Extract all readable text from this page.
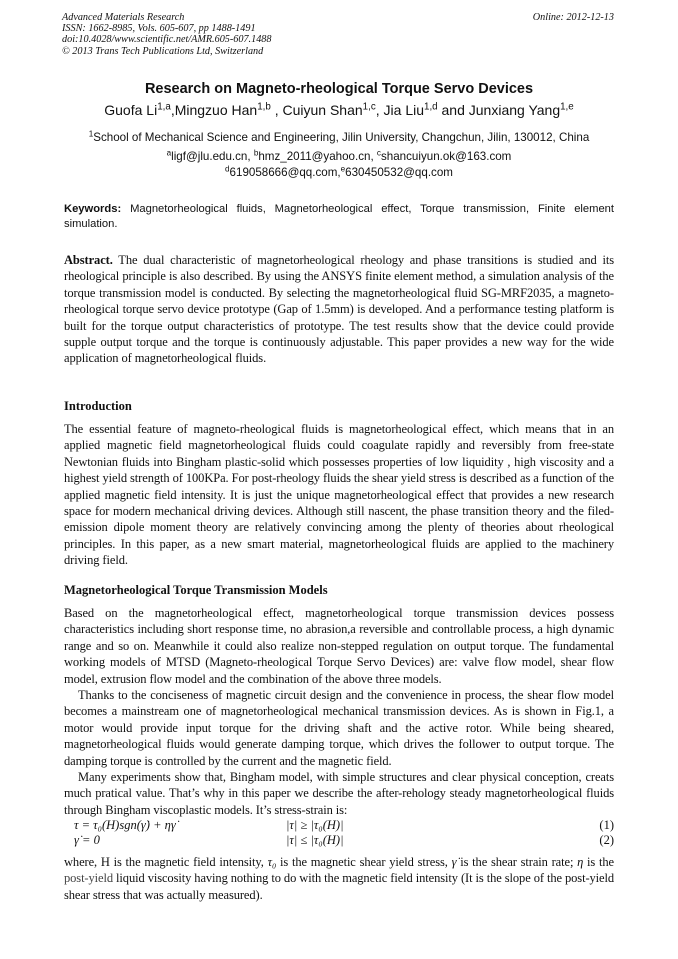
Advanced Materials Research
ISSN: 1662-8985, Vols. 605-607, pp 1488-1491
doi:10.4028/www.scientific.net/AMR.605-607.1488
© 2013 Trans Tech Publications Ltd, Switzerland
Online: 2012-12-13
Research on Magneto-rheological Torque Servo Devices
Guofa Li$^{1,a}$,Mingzuo Han$^{1,b}$ , Cuiyun Shan$^{1,c}$, Jia Liu$^{1,d}$ and Junxiang Yang$^{1,e}$
$^1$School of Mechanical Science and Engineering, Jilin University, Changchun, Jilin, 130012, China
$^a$ligf@jlu.edu.cn, $^b$hmz_2011@yahoo.cn, $^c$shancuiyun.ok@163.com
$^d$619058666@qq.com,$^e$630450532@qq.com
Keywords: Magnetorheological fluids, Magnetorheological effect, Torque transmission, Finite element simulation.
Abstract. The dual characteristic of magnetorheological rheology and phase transitions is studied and its rheological principle is also described. By using the ANSYS finite element method, a simulation analysis of the torque transmission model is conducted. By selecting the magnetorheological fluid SG-MRF2035, a magneto-rheological torque servo device prototype (Gap of 1.5mm) is developed. And a performance testing platform is built for the torque output characteristics of prototype. The test results show that the device could provide supple output torque and the torque is continuously adjustable. This paper provides a new way for the wide application of magnetorheological fluids.
Introduction
The essential feature of magneto-rheological fluids is magnetorheological effect, which means that in an applied magnetic field magnetorheological fluids could coagulate rapidly and reversibly from free-state Newtonian fluids into Bingham plastic-solid which possesses properties of low liquidity , high viscosity and a highest yield strength of 100KPa. For post-rheology fluids the shear yield stress is described as a function of the applied magnetic field intensity. It is just the unique magnetorheological effect that provides a new research space for modern mechanical driving devices. Although still nascent, the phase transition theory and the filed-emission dipole moment theory are relatively convincing among the plenty of theories about rheological principles. In this paper, as a new smart material, magnetorheological fluids are applied to the machinery driving field.
Magnetorheological Torque Transmission Models

Based on the magnetorheological effect, magnetorheological torque transmission devices possess characteristics including short response time, no abrasion,a reversible and controllable process, a high dynamic range and so on. Meanwhile it could also realize non-stepped regulation on output torque. The fundamental working models of MTSD (Magneto-rheological Torque Servo Devices) are: valve flow model, shear flow model, extrusion flow model and the combination of the above three models.

Thanks to the conciseness of magnetic circuit design and the convenience in process, the shear flow model becomes a mainstream one of magnetorheological mechanical transmission devices. As is shown in Fig.1, a motor would provide input torque for the driving shaft and the active rotor. While being sheared, magnetorheological fluids would generate damping torque, which drives the follower to output torque. The damping torque is controlled by the current and the magnetic field.

Many experiments show that, Bingham model, with simple structures and clear physical conception, creats much pratical value. That’s why in this paper we describe the after-rehology steady magnetorheological fluids through Bingham viscoplastic models. It’s stress-strain is:

τ = τ₀(H)sgn(γ̇) + ηγ̇	|τ| ≥ |τ₀(H)|	(1)
γ̇ = 0	|τ| ≤ |τ₀(H)|	(2)
where, H is the magnetic field intensity, τ₀ is the magnetic shear yield stress, γ̇ is the shear strain rate; η is the post-yield liquid viscosity having nothing to do with the magnetic field intensity (It is the slope of the post-yield shear stress that was actually measured).
